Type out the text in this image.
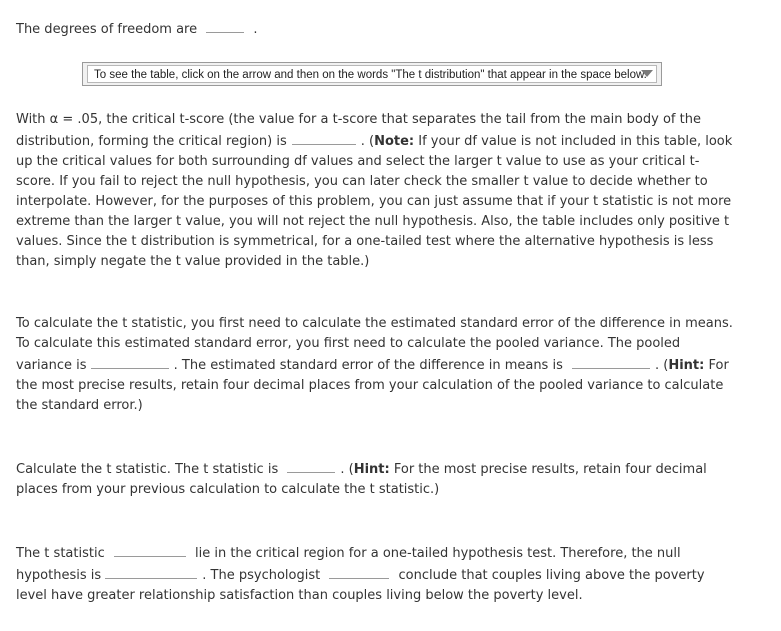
The degrees of freedom are	.

To see the table, click on the arrow and then on the words "The t distribution" that appear in the space below.

With α = .05, the critical t-score (the value for a t-score that separates the tail from the main body of the distribution, forming the critical region) is	. (Note: If your df value is not included in this table, look up the critical values for both surrounding df values and select the larger t value to use as your critical t-score. If you fail to reject the null hypothesis, you can later check the smaller t value to decide whether to interpolate. However, for the purposes of this problem, you can just assume that if your t statistic is not more extreme than the larger t value, you will not reject the null hypothesis. Also, the table includes only positive t values. Since the t distribution is symmetrical, for a one-tailed test where the alternative hypothesis is less than, simply negate the t value provided in the table.)

To calculate the t statistic, you first need to calculate the estimated standard error of the difference in means. To calculate this estimated standard error, you first need to calculate the pooled variance. The pooled variance is	. The estimated standard error of the difference in means is	. (Hint: For the most precise results, retain four decimal places from your calculation of the pooled variance to calculate the standard error.)

Calculate the t statistic. The t statistic is	. (Hint: For the most precise results, retain four decimal places from your previous calculation to calculate the t statistic.)

The t statistic	lie in the critical region for a one-tailed hypothesis test. Therefore, the null hypothesis is	. The psychologist	conclude that couples living above the poverty level have greater relationship satisfaction than couples living below the poverty level.
